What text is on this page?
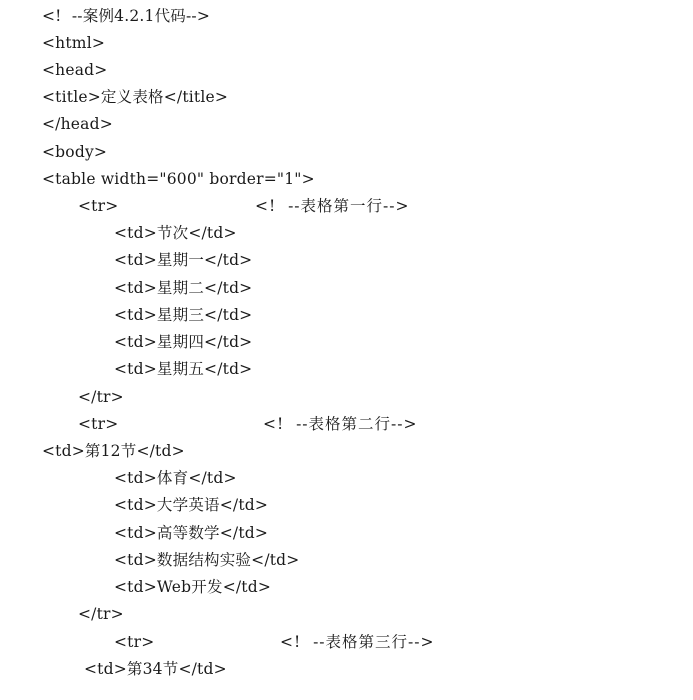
<!  --案例4.2.1代码-->
<html>
<head>
<title>定义表格</title>
</head>
<body>
<table width="600" border="1">
<tr>	<!  --表格第一行-->
<td>节次</td>
<td>星期一</td>
<td>星期二</td>
<td>星期三</td>
<td>星期四</td>
<td>星期五</td>
</tr>
<tr>	<!  --表格第二行-->
<td>第12节</td>
<td>体育</td>
<td>大学英语</td>
<td>高等数学</td>
<td>数据结构实验</td>
<td>Web开发</td>
</tr>
<tr>	<!  --表格第三行-->
<td>第34节</td>
